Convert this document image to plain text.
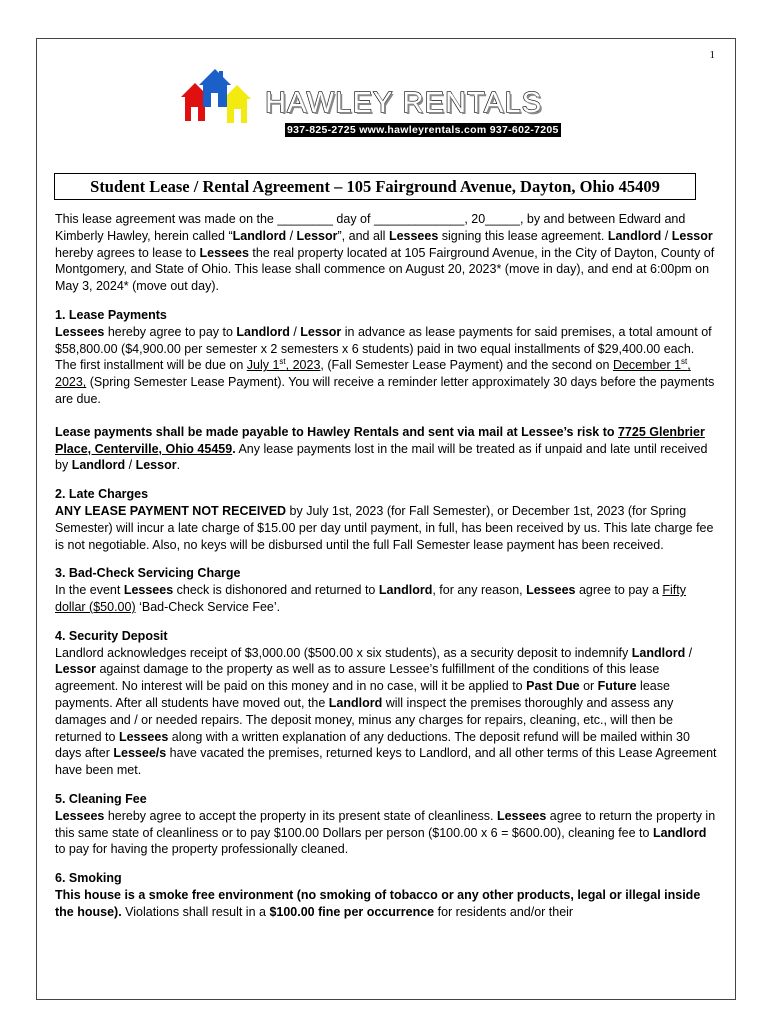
1
HAWLEY RENTALS
937-825-2725 www.hawleyrentals.com 937-602-7205
Student Lease / Rental Agreement – 105 Fairground Avenue, Dayton, Ohio 45409

This lease agreement was made on the ________ day of _____________, 20_____, by and between Edward and Kimberly Hawley, herein called “Landlord / Lessor”, and all Lessees signing this lease agreement. Landlord / Lessor hereby agrees to lease to Lessees the real property located at 105 Fairground Avenue, in the City of Dayton, County of Montgomery, and State of Ohio. This lease shall commence on August 20, 2023* (move in day), and end at 6:00pm on May 3, 2024* (move out day).

1. Lease Payments

Lessees hereby agree to pay to Landlord / Lessor in advance as lease payments for said premises, a total amount of $58,800.00 ($4,900.00 per semester x 2 semesters x 6 students) paid in two equal installments of $29,400.00 each. The first installment will be due on July 1st, 2023, (Fall Semester Lease Payment) and the second on December 1st, 2023, (Spring Semester Lease Payment). You will receive a reminder letter approximately 30 days before the payments are due.

Lease payments shall be made payable to Hawley Rentals and sent via mail at Lessee’s risk to 7725 Glenbrier Place, Centerville, Ohio 45459. Any lease payments lost in the mail will be treated as if unpaid and late until received by Landlord / Lessor.

2. Late Charges

ANY LEASE PAYMENT NOT RECEIVED by July 1st, 2023 (for Fall Semester), or December 1st, 2023 (for Spring Semester) will incur a late charge of $15.00 per day until payment, in full, has been received by us. This late charge fee is not negotiable. Also, no keys will be disbursed until the full Fall Semester lease payment has been received.

3. Bad-Check Servicing Charge

In the event Lessees check is dishonored and returned to Landlord, for any reason, Lessees agree to pay a Fifty dollar ($50.00) ‘Bad-Check Service Fee’.

4. Security Deposit

Landlord acknowledges receipt of $3,000.00 ($500.00 x six students), as a security deposit to indemnify Landlord / Lessor against damage to the property as well as to assure Lessee’s fulfillment of the conditions of this lease agreement. No interest will be paid on this money and in no case, will it be applied to Past Due or Future lease payments. After all students have moved out, the Landlord will inspect the premises thoroughly and assess any damages and / or needed repairs. The deposit money, minus any charges for repairs, cleaning, etc., will then be returned to Lessees along with a written explanation of any deductions. The deposit refund will be mailed within 30 days after Lessee/s have vacated the premises, returned keys to Landlord, and all other terms of this Lease Agreement have been met.

5. Cleaning Fee

Lessees hereby agree to accept the property in its present state of cleanliness. Lessees agree to return the property in this same state of cleanliness or to pay $100.00 Dollars per person ($100.00 x 6 = $600.00), cleaning fee to Landlord to pay for having the property professionally cleaned.

6. Smoking

This house is a smoke free environment (no smoking of tobacco or any other products, legal or illegal inside the house). Violations shall result in a $100.00 fine per occurrence for residents and/or their
